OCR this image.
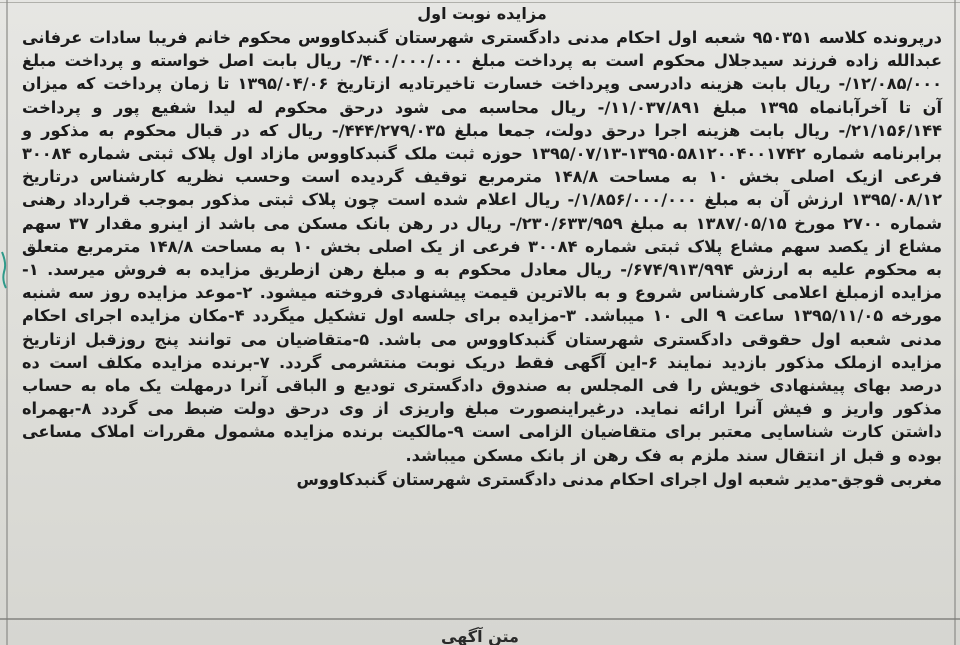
مزایده نوبت اول

درپرونده کلاسه ۹۵۰۳۵۱ شعبه اول احکام مدنی دادگستری شهرستان گنبدکاووس محکوم خانم فریبا سادات عرفانی عبدالله زاده فرزند سیدجلال محکوم است به پرداخت مبلغ ۴۰۰/۰۰۰/۰۰۰/- ریال بابت اصل خواسته و پرداخت مبلغ ۱۲/۰۸۵/۰۰۰/- ریال بابت هزینه دادرسی وپرداخت خسارت تاخیرتادیه ازتاریخ ۱۳۹۵/۰۴/۰۶ تا زمان پرداخت که میزان آن تا آخرآبانماه ۱۳۹۵ مبلغ ۱۱/۰۳۷/۸۹۱/- ریال محاسبه می شود درحق محکوم له لیدا شفیع پور و پرداخت ۲۱/۱۵۶/۱۴۴/- ریال بابت هزینه اجرا درحق دولت، جمعا مبلغ ۴۴۴/۲۷۹/۰۳۵/- ریال که در قبال محکوم به مذکور و برابرنامه شماره ۱۳۹۵۰۵۸۱۲۰۰۴۰۰۱۷۴۲-۱۳۹۵/۰۷/۱۳ حوزه ثبت ملک گنبدکاووس مازاد اول پلاک ثبتی شماره ۳۰۰۸۴ فرعی ازیک اصلی بخش ۱۰ به مساحت ۱۴۸/۸ مترمربع توقیف گردیده است وحسب نظریه کارشناس درتاریخ ۱۳۹۵/۰۸/۱۲ ارزش آن به مبلغ ۱/۸۵۶/۰۰۰/۰۰۰/- ریال اعلام شده است چون پلاک ثبتی مذکور بموجب قرارداد رهنی شماره ۲۷۰۰ مورخ ۱۳۸۷/۰۵/۱۵ به مبلغ ۲۳۰/۶۳۳/۹۵۹/- ریال در رهن بانک مسکن می باشد از اینرو مقدار ۳۷ سهم مشاع از یکصد سهم مشاع پلاک ثبتی شماره ۳۰۰۸۴ فرعی از یک اصلی بخش ۱۰ به مساحت ۱۴۸/۸ مترمربع متعلق به محکوم علیه به ارزش ۶۷۴/۹۱۳/۹۹۴/- ریال معادل محکوم به و مبلغ رهن ازطریق مزایده به فروش میرسد. ۱-مزایده ازمبلغ اعلامی کارشناس شروع و به بالاترین قیمت پیشنهادی فروخته میشود. ۲-موعد مزایده روز سه شنبه مورخه ۱۳۹۵/۱۱/۰۵ ساعت ۹ الی ۱۰ میباشد. ۳-مزایده برای جلسه اول تشکیل میگردد ۴-مکان مزایده اجرای احکام مدنی شعبه اول حقوقی دادگستری شهرستان گنبدکاووس می باشد. ۵-متقاضیان می توانند پنج روزقبل ازتاریخ مزایده ازملک مذکور بازدید نمایند ۶-این آگهی فقط دریک نوبت منتشرمی گردد. ۷-برنده مزایده مکلف است ده درصد بهای پیشنهادی خویش را فی المجلس به صندوق دادگستری تودیع و الباقی آنرا درمهلت یک ماه به حساب مذکور واریز و فیش آنرا ارائه نماید. درغیراینصورت مبلغ واریزی از وی درحق دولت ضبط می گردد ۸-بهمراه داشتن کارت شناسایی معتبر برای متقاضیان الزامی است ۹-مالکیت برنده مزایده مشمول مقررات املاک مساعی بوده و قبل از انتقال سند ملزم به فک رهن از بانک مسکن میباشد.

مغربی قوجق-مدیر شعبه اول اجرای احکام مدنی دادگستری شهرستان گنبدکاووس

متن آگهی
